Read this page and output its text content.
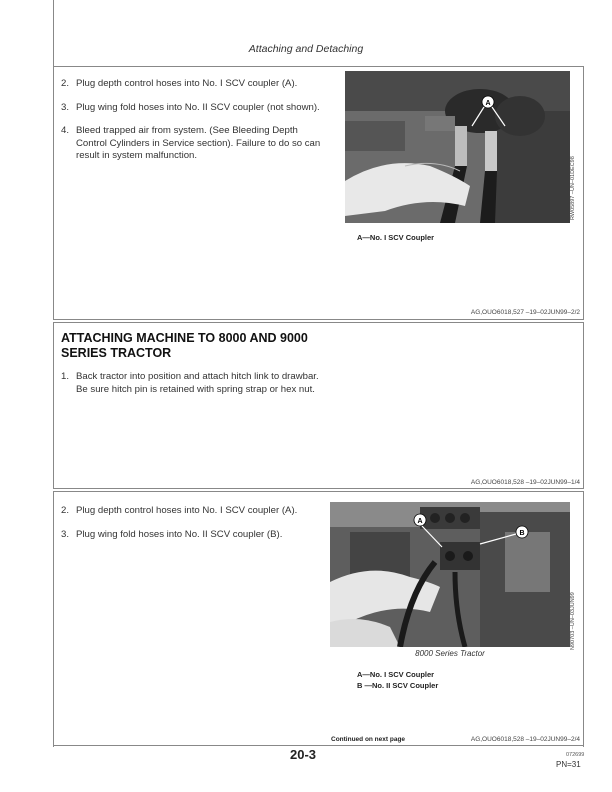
Attaching and Detaching
2. Plug depth control hoses into No. I SCV coupler (A).
3. Plug wing fold hoses into No. II SCV coupler (not shown).
4. Bleed trapped air from system. (See Bleeding Depth Control Cylinders in Service section). Failure to do so can result in system malfunction.
A
RW05897 –UN–01DEC98
A—No. I SCV Coupler
AG,OUO6018,527 –19–02JUN99–2/2
ATTACHING MACHINE TO 8000 AND 9000
SERIES TRACTOR
1. Back tractor into position and attach hitch link to drawbar. Be sure hitch pin is retained with spring strap or hex nut.
AG,OUO6018,528 –19–02JUN99–1/4
2. Plug depth control hoses into No. I SCV coupler (A).
3. Plug wing fold hoses into No. II SCV coupler (B).
A
B
N90703 –UN–03JUN99
8000 Series Tractor
A—No. I SCV Coupler
B —No. II SCV Coupler
Continued on next page	AG,OUO6018,528 –19–02JUN99–2/4
20-3	072699
PN=31
